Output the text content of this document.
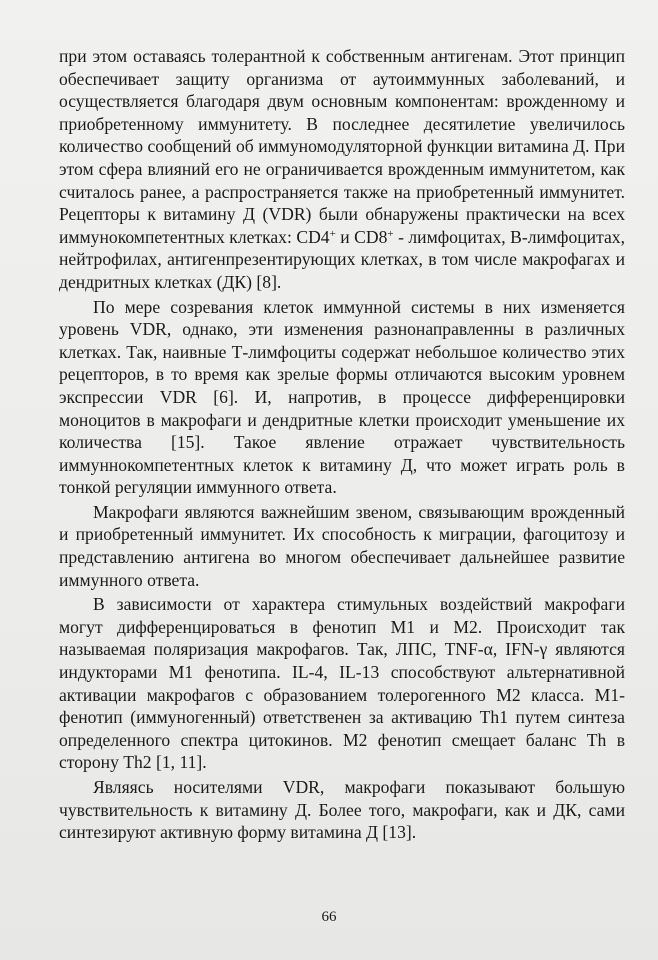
при этом оставаясь толерантной к собственным антигенам. Этот принцип обеспечивает защиту организма от аутоиммунных заболеваний, и осуществляется благодаря двум основным компонентам: врожденному и приобретенному иммунитету. В последнее десятилетие увеличилось количество сообщений об иммуномодуляторной функции витамина Д. При этом сфера влияний его не ограничивается врожденным иммунитетом, как считалось ранее, а распространяется также на приобретенный иммунитет. Рецепторы к витамину Д (VDR) были обнаружены практически на всех иммунокомпетентных клетках: CD4+ и CD8+ - лимфоцитах, В-лимфоцитах, нейтрофилах, антигенпрезентирующих клетках, в том числе макрофагах и дендритных клетках (ДК) [8].

По мере созревания клеток иммунной системы в них изменяется уровень VDR, однако, эти изменения разнонаправленны в различных клетках. Так, наивные Т-лимфоциты содержат небольшое количество этих рецепторов, в то время как зрелые формы отличаются высоким уровнем экспрессии VDR [6]. И, напротив, в процессе дифференцировки моноцитов в макрофаги и дендритные клетки происходит уменьшение их количества [15]. Такое явление отражает чувствительность иммуннокомпетентных клеток к витамину Д, что может играть роль в тонкой регуляции иммунного ответа.

Макрофаги являются важнейшим звеном, связывающим врожденный и приобретенный иммунитет. Их способность к миграции, фагоцитозу и представлению антигена во многом обеспечивает дальнейшее развитие иммунного ответа.

В зависимости от характера стимульных воздействий макрофаги могут дифференцироваться в фенотип M1 и M2. Происходит так называемая поляризация макрофагов. Так, ЛПС, TNF-α, IFN-γ являются индукторами M1 фенотипа. IL-4, IL-13 способствуют альтернативной активации макрофагов с образованием толерогенного M2 класса. M1-фенотип (иммуногенный) ответственен за активацию Th1 путем синтеза определенного спектра цитокинов. M2 фенотип смещает баланс Th в сторону Th2 [1, 11].

Являясь носителями VDR, макрофаги показывают большую чувствительность к витамину Д. Более того, макрофаги, как и ДК, сами синтезируют активную форму витамина Д [13].

66
